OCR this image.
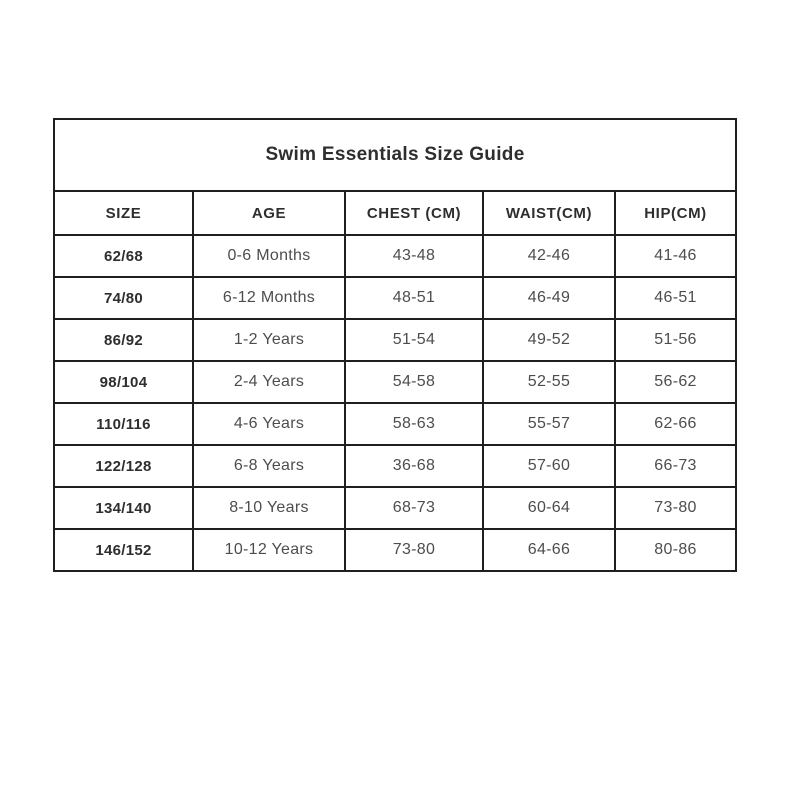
Swim Essentials Size Guide				
SIZE	AGE	CHEST (CM)	WAIST(CM)	HIP(CM)
62/68	0-6 Months	43-48	42-46	41-46
74/80	6-12 Months	48-51	46-49	46-51
86/92	1-2 Years	51-54	49-52	51-56
98/104	2-4 Years	54-58	52-55	56-62
110/116	4-6 Years	58-63	55-57	62-66
122/128	6-8 Years	36-68	57-60	66-73
134/140	8-10 Years	68-73	60-64	73-80
146/152	10-12 Years	73-80	64-66	80-86
